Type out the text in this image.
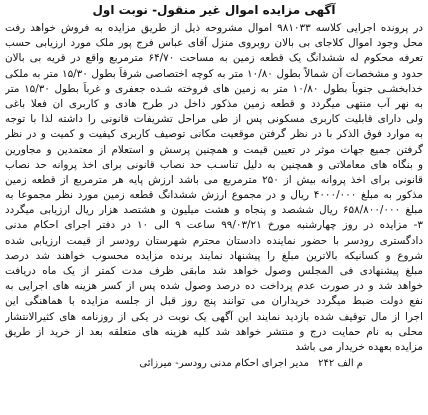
آگهی مزایده اموال غیر منقول- نوبت اول
در پرونده اجرایی کلاسه ۹۸۱۰۳۳ اموال مشروحه ذیل از طریق مزایده به فروش خواهد رفت
محل وجود اموال کلاجای بی بالان روبروی منزل آقای عباس فرج پور ملک مورد ارزیابی حسب
تعرفه محکوم له ششدانگ یک قطعه زمین به مساحت ۶۴/۷۰ مترمربع واقع در قریه بی بالان
حدود و مشخصات آن شمالاً بطول ۱۰/۸۰ متر به کوچه اختصاصی شرقاً بطول ۱۵/۳۰ متر به ملکی
خدابخشـی جنوباً بطول ۱۰/۸۰ متر به زمین های فروخته شـده جعفری و غرباً بطول ۱۵/۳۰ متر
به نهر آب منتهی میگردد و قطعه زمین مذکور داخل در طرح هادی و کاربری ان فعلا باغی
ولی دارای قابلیت کاربری مسکونی پس از طی مراحل تشریفات قانونی را داشته لذا با توجه
به موارد فوق الذکر با در نظر گرفتن موقعیت مکانی توصیف کاربری کیفیت و کمیت و در نظر
گرفتن جمیع جهات موثر در تعیین قیمت و همچنین پرسش و استعلام از معتمدین و مجاورین
و بنگاه های معاملاتی و همچنین به دلیل تناسـب حد نصاب قانونی برای اخذ پروانه حد نصاب
قانونی برای اخذ پروانه بیش از ۲۵۰ مترمربع می باشد ارزش پایه هر مترمربع از قطعه زمین
مذکور به مبلغ ۴۰۰۰/۰۰۰ ریال و در مجموع ارزش ششدانگ قطعه زمین مورد نظر مجموعا به
مبلغ ۶۵۸/۸۰۰/۰۰۰ ریال ششصد و پنجاه و هشت میلیون و هشتصد هزار ریال ارزیابی میگردد
۳- مزایده در روز چهارشنبه مورخ ۹۹/۰۳/۲۱ ساعت ۹ الی ۱۰ در دفتر اجرای احکام مدنی
دادگستری رودسر با حضور نماینده دادستان محترم شهرستان رودسر از قیمت ارزیابی شده
شروع و کسانیکه بالاترین مبلغ را پیشنهاد نمایند برنده مزایده محسوب خواهند شد درصد
مبلغ پیشنهادی فی المجلس وصول خواهد شد مابقی ظرف مدت کمتر از یک ماه دریافت
خواهد شد و در صورت عدم پرداخت ده درصد وصول شده پس از کسر هزینه های اجرایی به
نفع دولت ضبط میگردد خریداران می توانند پنج روز قبل از جلسه مزایده با هماهنگی این
اجرا از مال توقیف شده بازدید نمایند این آگهی یک نوبت در یکی از روزنامه های کثیرالانتشار
محلی به نام حمایت درج و منتشر خواهد شد کلیه هزینه های متعلقه بعد از خرید از طریق
مزایده بعهده خریدار می باشد
م الف ۲۴۲ مدیر اجرای احکام مدنی رودسر- میرزائی
